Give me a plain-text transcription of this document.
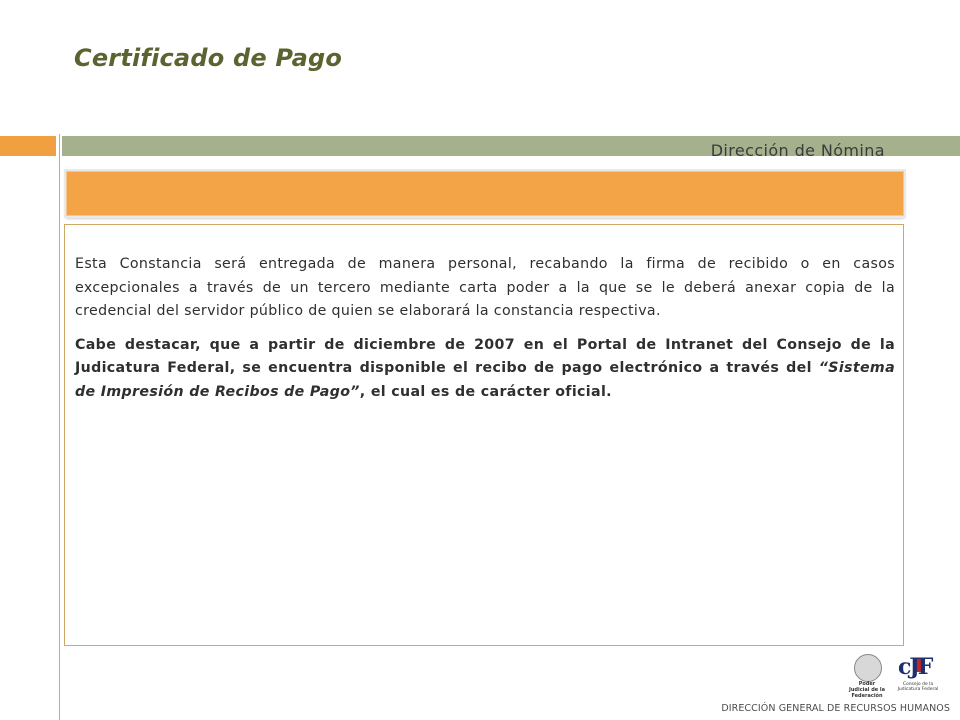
Certificado de Pago
Dirección de Nómina

Esta Constancia será entregada de manera personal, recabando la firma de recibido o en casos excepcionales a través de un tercero mediante carta poder a la que se le deberá anexar copia de la credencial del servidor público de quien se elaborará la constancia respectiva.

Cabe destacar, que a partir de diciembre de 2007 en el Portal de Intranet del Consejo de la Judicatura Federal, se encuentra disponible el recibo de pago electrónico a través del “Sistema de Impresión de Recibos de Pago”, el cual es de carácter oficial.

Poder Judicial de la Federación
cJF
Consejo de la Judicatura Federal
DIRECCIÓN GENERAL DE RECURSOS HUMANOS
